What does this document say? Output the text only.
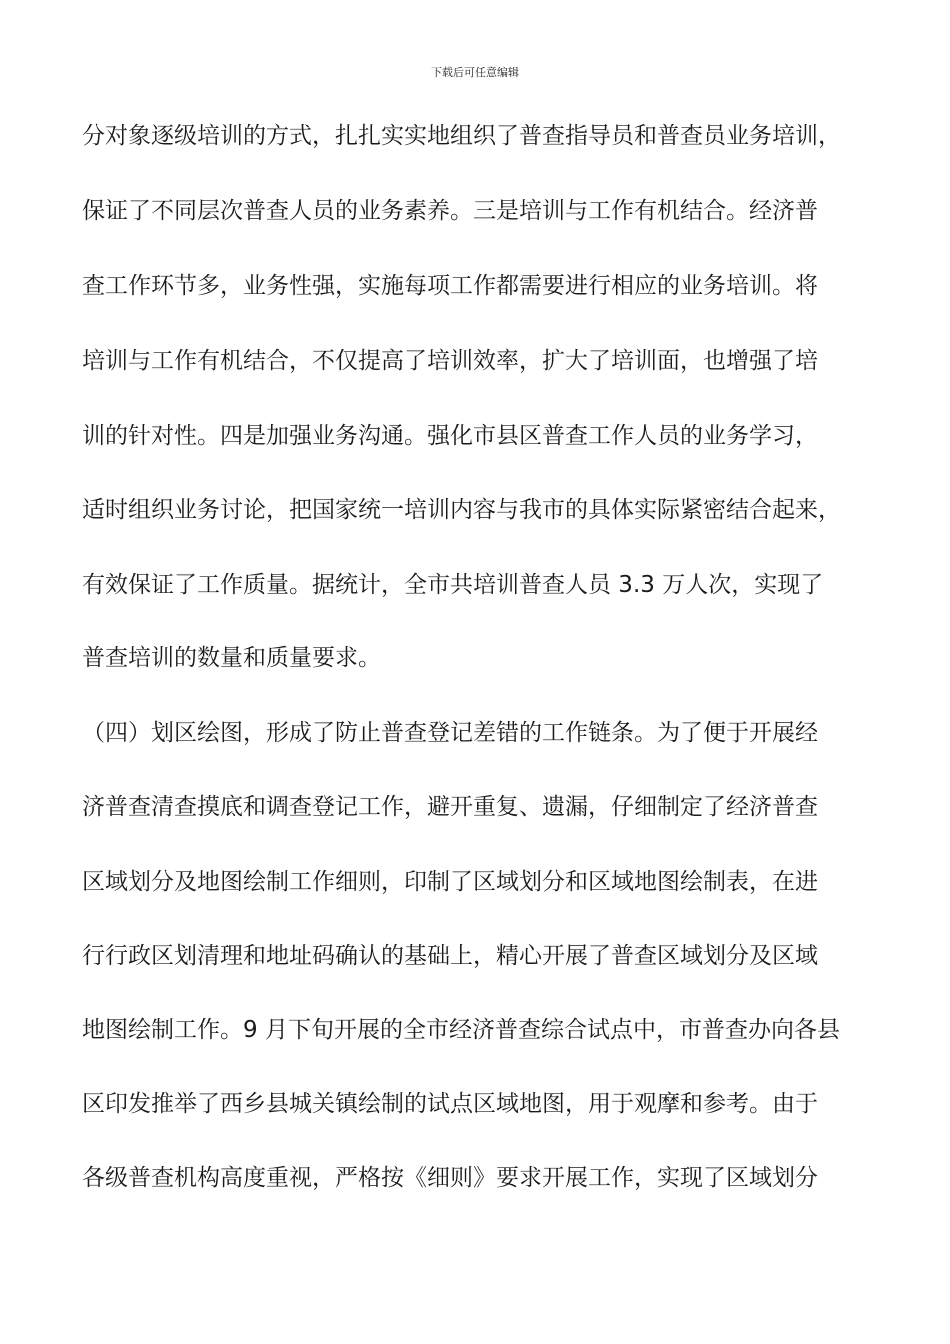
下载后可任意编辑
分对象逐级培训的方式，扎扎实实地组织了普查指导员和普查员业务培训，
保证了不同层次普查人员的业务素养。三是培训与工作有机结合。经济普
查工作环节多，业务性强，实施每项工作都需要进行相应的业务培训。将
培训与工作有机结合，不仅提高了培训效率，扩大了培训面，也增强了培
训的针对性。四是加强业务沟通。强化市县区普查工作人员的业务学习，
适时组织业务讨论，把国家统一培训内容与我市的具体实际紧密结合起来，
有效保证了工作质量。据统计，全市共培训普查人员 3.3 万人次，实现了
普查培训的数量和质量要求。
（四）划区绘图，形成了防止普查登记差错的工作链条。为了便于开展经
济普查清查摸底和调查登记工作，避开重复、遗漏，仔细制定了经济普查
区域划分及地图绘制工作细则，印制了区域划分和区域地图绘制表，在进
行行政区划清理和地址码确认的基础上，精心开展了普查区域划分及区域
地图绘制工作。9 月下旬开展的全市经济普查综合试点中，市普查办向各县
区印发推举了西乡县城关镇绘制的试点区域地图，用于观摩和参考。由于
各级普查机构高度重视，严格按《细则》要求开展工作，实现了区域划分
